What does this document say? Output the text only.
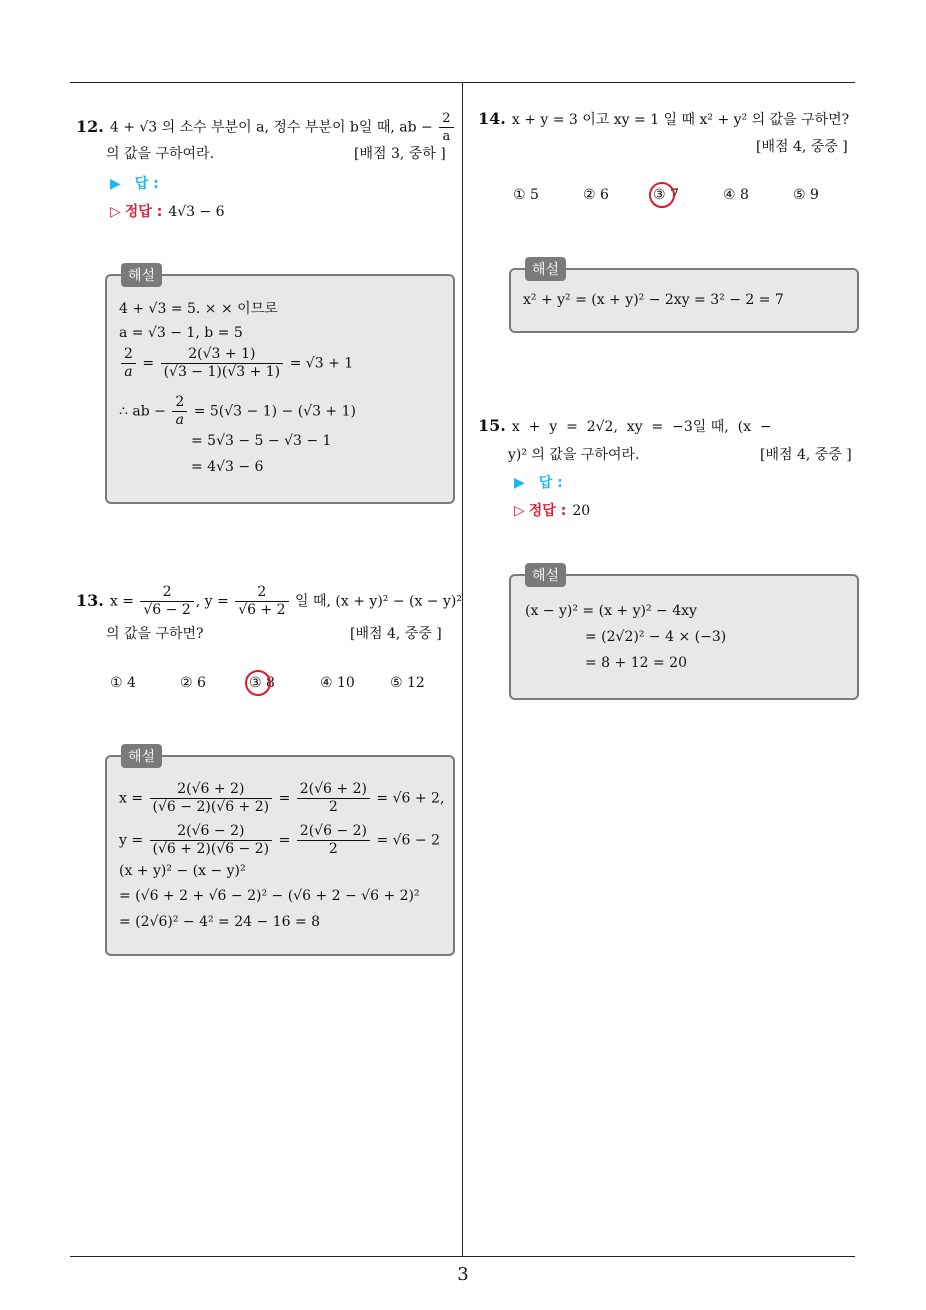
12. 4 + √3 의 소수 부분이 a, 정수 부분이 b일 때, ab − $\frac{2}{a}$
의 값을 구하여라.	[배점 3, 중하 ]
▶ 답 :
▷ 정답 : 4√3 − 6
해설
4 + √3 = 5. × × 이므로
a = √3 − 1, b = 5
$\frac{2}{a} = \frac{2(√3 + 1)}{(√3 - 1)(√3 + 1)} = √3 + 1$
∴ ab − $\frac{2}{a} = 5(√3 - 1) - (√3 + 1)$
= 5√3 − 5 − √3 − 1
= 4√3 − 6
13. $x = \frac{2}{√6 - 2}$ , $y = \frac{2}{√6 + 2}$ 일 때, (x + y)² − (x − y)²
의 값을 구하면?	[배점 4, 중중 ]
① 4	② 6	③ 8	④ 10	⑤ 12
해설
$x = \frac{2(√6 + 2)}{(√6 - 2)(√6 + 2)} = \frac{2(√6 + 2)}{2} = √6 + 2$,
$y = \frac{2(√6 - 2)}{(√6 + 2)(√6 - 2)} = \frac{2(√6 - 2)}{2} = √6 - 2$
(x + y)² − (x − y)²
= (√6 + 2 + √6 − 2)² − (√6 + 2 − √6 + 2)²
= (2√6)² − 4² = 24 − 16 = 8
14. x + y = 3 이고 xy = 1 일 때 x² + y² 의 값을 구하면?
[배점 4, 중중 ]
① 5	② 6	③ 7	④ 8	⑤ 9
해설
x² + y² = (x + y)² − 2xy = 3² − 2 = 7
15. x  +  y  =  2√2,  xy  =  −3일 때,  (x  −
y)² 의 값을 구하여라.	[배점 4, 중중 ]
▶ 답 :
▷ 정답 : 20
해설
(x − y)² = (x + y)² − 4xy
= (2√2)² − 4 × (−3)
= 8 + 12 = 20
3
